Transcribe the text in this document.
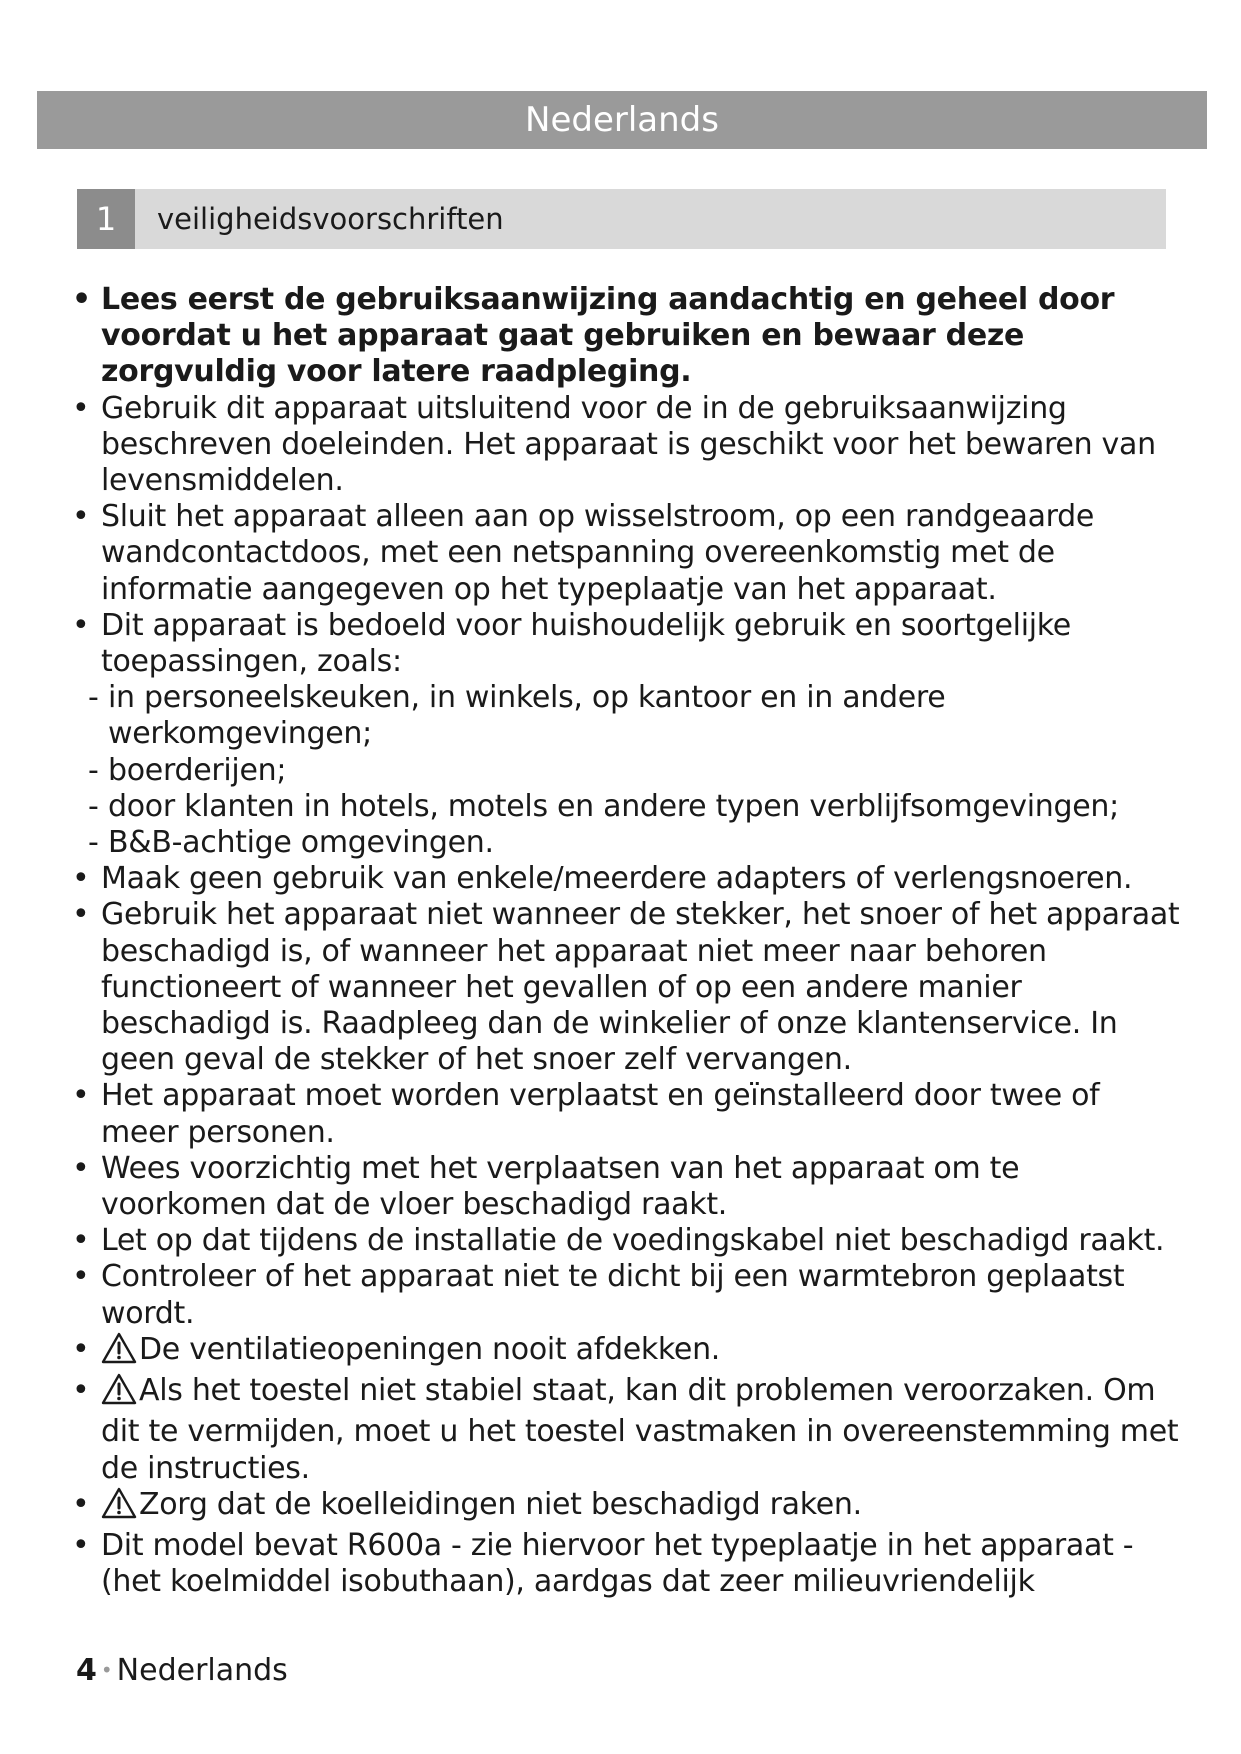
Nederlands
1	veiligheidsvoorschriften
• Lees eerst de gebruiksaanwijzing aandachtig en geheel door voordat u het apparaat gaat gebruiken en bewaar deze zorgvuldig voor latere raadpleging.
• Gebruik dit apparaat uitsluitend voor de in de gebruiksaanwijzing beschreven doeleinden. Het apparaat is geschikt voor het bewaren van levensmiddelen.
• Sluit het apparaat alleen aan op wisselstroom, op een randgeaarde wandcontactdoos, met een netspanning overeenkomstig met de informatie aangegeven op het typeplaatje van het apparaat.
• Dit apparaat is bedoeld voor huishoudelijk gebruik en soortgelijke toepassingen, zoals:
- in personeelskeuken, in winkels, op kantoor en in andere werkomgevingen;
- boerderijen;
- door klanten in hotels, motels en andere typen verblijfsomgevingen;
- B&B-achtige omgevingen.
• Maak geen gebruik van enkele/meerdere adapters of verlengsnoeren.
• Gebruik het apparaat niet wanneer de stekker, het snoer of het apparaat beschadigd is, of wanneer het apparaat niet meer naar behoren functioneert of wanneer het gevallen of op een andere manier beschadigd is. Raadpleeg dan de winkelier of onze klantenservice. In geen geval de stekker of het snoer zelf vervangen.
• Het apparaat moet worden verplaatst en geïnstalleerd door twee of meer personen.
• Wees voorzichtig met het verplaatsen van het apparaat om te voorkomen dat de vloer beschadigd raakt.
• Let op dat tijdens de installatie de voedingskabel niet beschadigd raakt.
• Controleer of het apparaat niet te dicht bij een warmtebron geplaatst wordt.
• De ventilatieopeningen nooit afdekken.
• Als het toestel niet stabiel staat, kan dit problemen veroorzaken. Om dit te vermijden, moet u het toestel vastmaken in overeenstemming met de instructies.
• Zorg dat de koelleidingen niet beschadigd raken.
• Dit model bevat R600a - zie hiervoor het typeplaatje in het apparaat - (het koelmiddel isobuthaan), aardgas dat zeer milieuvriendelijk
4 • Nederlands
